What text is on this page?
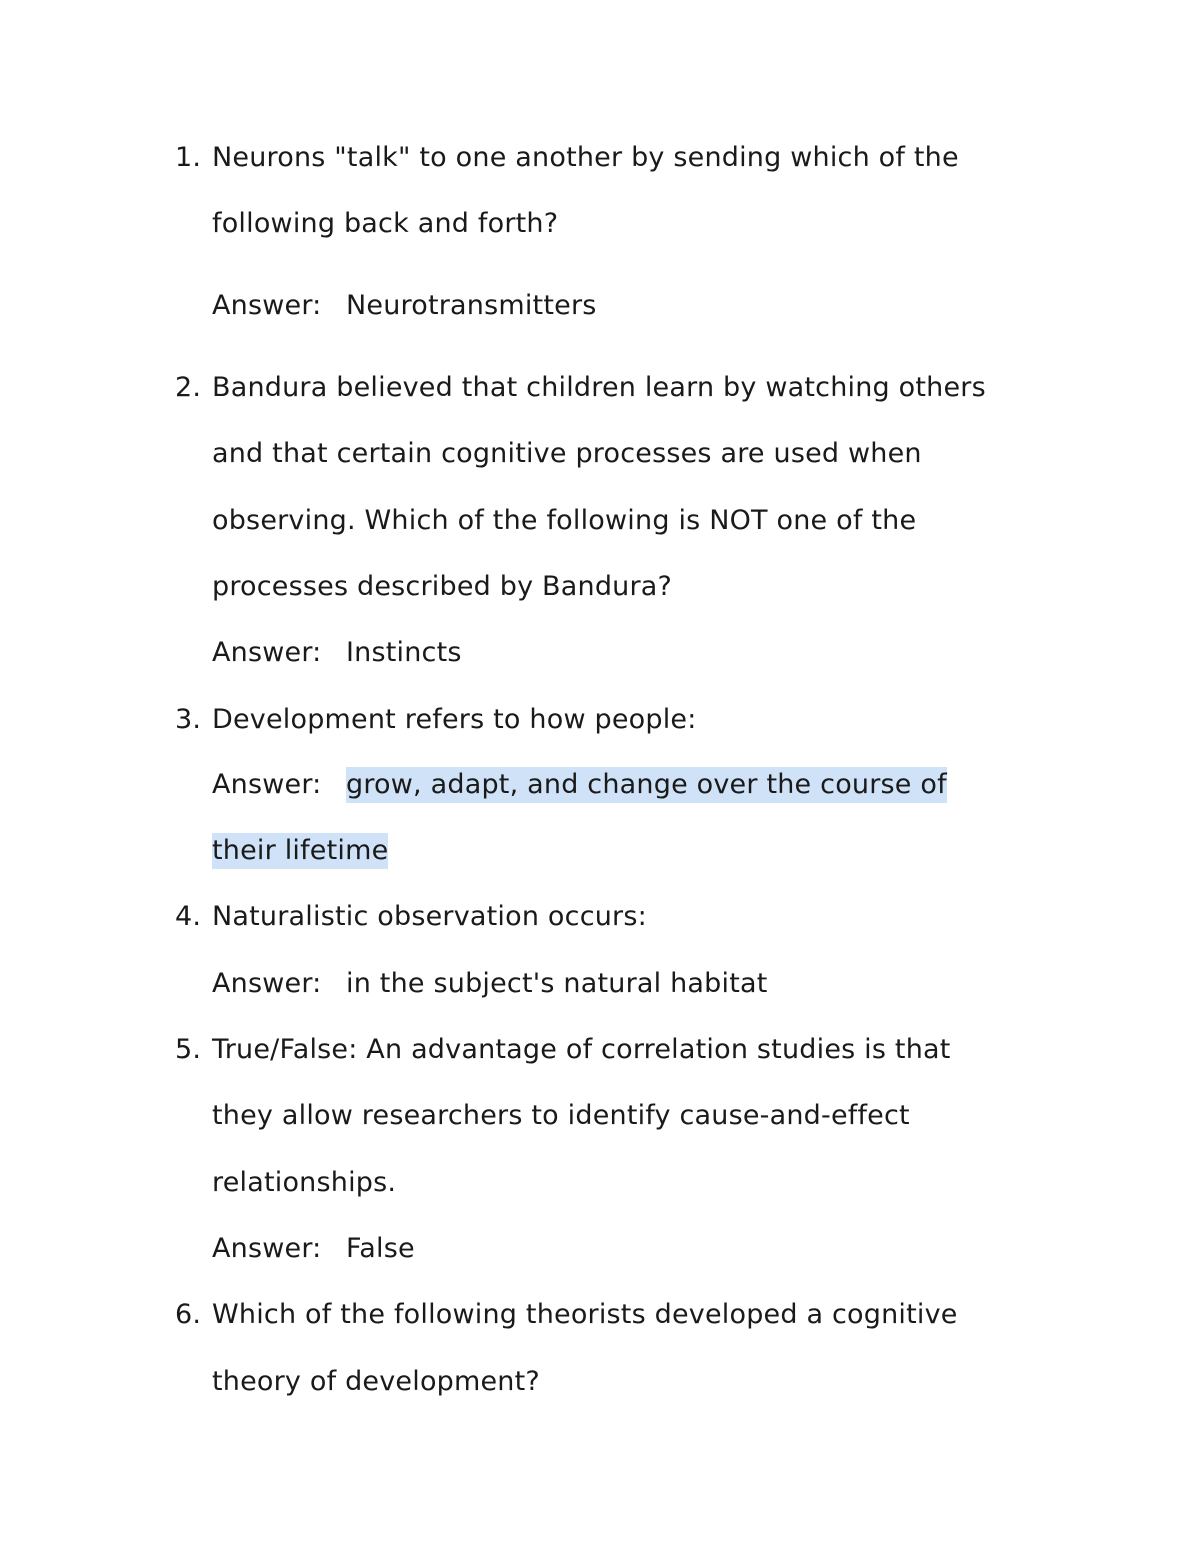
1. Neurons "talk" to one another by sending which of the
following back and forth?
Answer: Neurotransmitters
2. Bandura believed that children learn by watching others
and that certain cognitive processes are used when
observing. Which of the following is NOT one of the
processes described by Bandura?
Answer: Instincts
3. Development refers to how people:
Answer: grow, adapt, and change over the course of
their lifetime
4. Naturalistic observation occurs:
Answer: in the subject's natural habitat
5. True/False: An advantage of correlation studies is that
they allow researchers to identify cause-and-effect
relationships.
Answer: False
6. Which of the following theorists developed a cognitive
theory of development?
